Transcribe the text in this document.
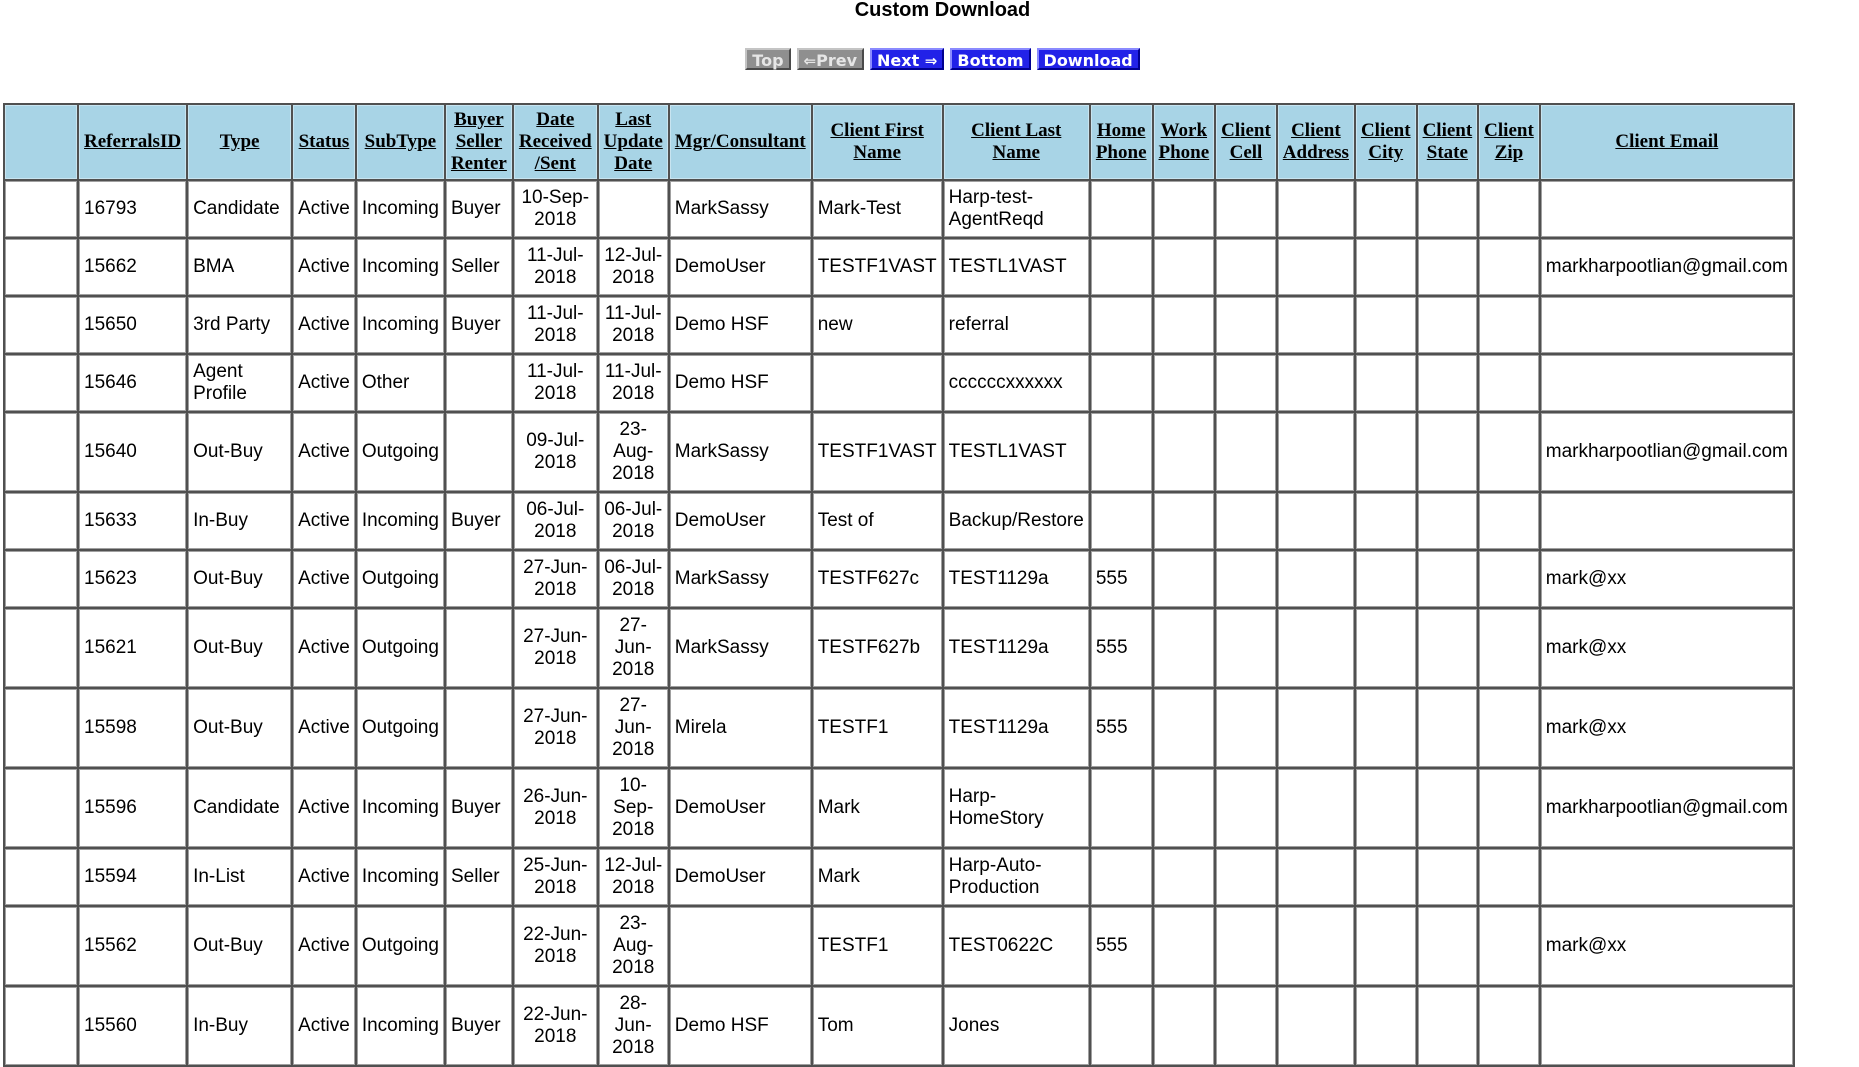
Custom Download
Top ⇐Prev Next ⇒ Bottom Download
	ReferralsID	Type	Status	SubType	Buyer Seller Renter	Date Received /Sent	Last Update Date	Mgr/Consultant	Client First Name	Client Last Name	Home Phone	Work Phone	Client Cell	Client Address	Client City	Client State	Client Zip	Client Email
	16793	Candidate	Active	Incoming	Buyer	10-Sep-2018		MarkSassy	Mark-Test	Harp-test-AgentReqd								
	15662	BMA	Active	Incoming	Seller	11-Jul-2018	12-Jul-2018	DemoUser	TESTF1VAST	TESTL1VAST								markharpootlian@gmail.com
	15650	3rd Party	Active	Incoming	Buyer	11-Jul-2018	11-Jul-2018	Demo HSF	new	referral								
	15646	Agent Profile	Active	Other		11-Jul-2018	11-Jul-2018	Demo HSF		ccccccxxxxxx								
	15640	Out-Buy	Active	Outgoing		09-Jul-2018	23-Aug-2018	MarkSassy	TESTF1VAST	TESTL1VAST								markharpootlian@gmail.com
	15633	In-Buy	Active	Incoming	Buyer	06-Jul-2018	06-Jul-2018	DemoUser	Test of	Backup/Restore								
	15623	Out-Buy	Active	Outgoing		27-Jun-2018	06-Jul-2018	MarkSassy	TESTF627c	TEST1129a	555							mark@xx
	15621	Out-Buy	Active	Outgoing		27-Jun-2018	27-Jun-2018	MarkSassy	TESTF627b	TEST1129a	555							mark@xx
	15598	Out-Buy	Active	Outgoing		27-Jun-2018	27-Jun-2018	Mirela	TESTF1	TEST1129a	555							mark@xx
	15596	Candidate	Active	Incoming	Buyer	26-Jun-2018	10-Sep-2018	DemoUser	Mark	Harp-HomeStory								markharpootlian@gmail.com
	15594	In-List	Active	Incoming	Seller	25-Jun-2018	12-Jul-2018	DemoUser	Mark	Harp-Auto-Production								
	15562	Out-Buy	Active	Outgoing		22-Jun-2018	23-Aug-2018		TESTF1	TEST0622C	555							mark@xx
	15560	In-Buy	Active	Incoming	Buyer	22-Jun-2018	28-Jun-2018	Demo HSF	Tom	Jones								
